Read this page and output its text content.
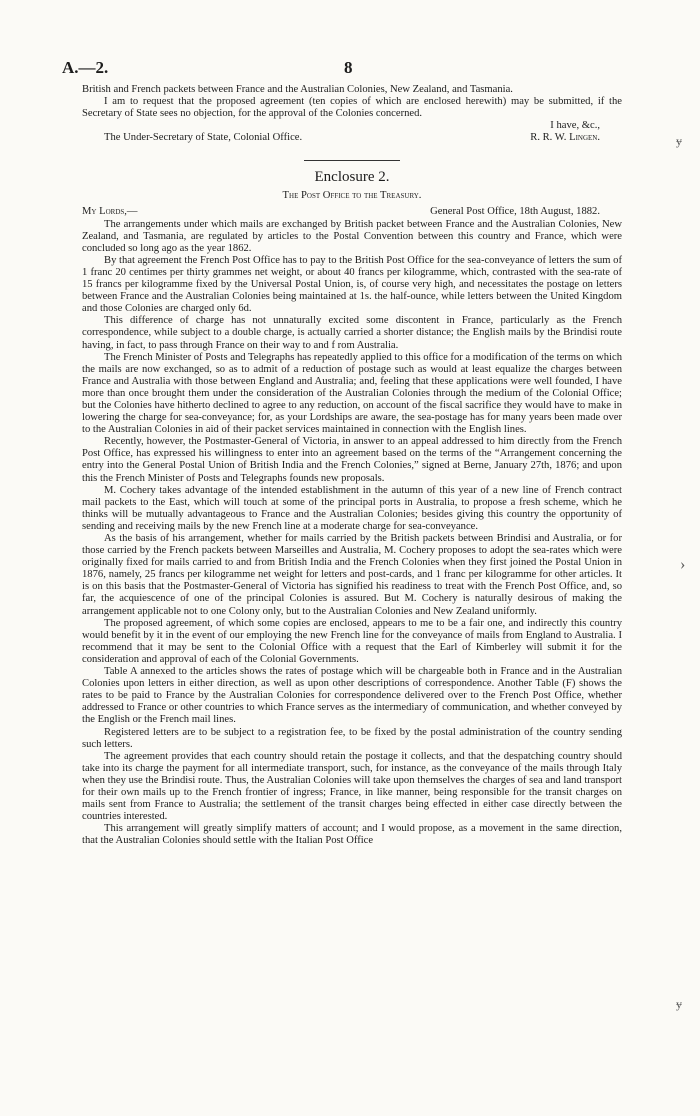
ɏ
›
ɏ
A.—2.	8

British and French packets between France and the Australian Colonies, New Zealand, and Tasmania.

I am to request that the proposed agreement (ten copies of which are enclosed herewith) may be submitted, if the Secretary of State sees no objection, for the approval of the Colonies concerned.

I have, &c.,

The Under-Secretary of State, Colonial Office.	R. R. W. Lingen.
Enclosure 2.
The Post Office to the Treasury.
My Lords,—	General Post Office, 18th August, 1882.

The arrangements under which mails are exchanged by British packet between France and the Australian Colonies, New Zealand, and Tasmania, are regulated by articles to the Postal Convention between this country and France, which were concluded so long ago as the year 1862.

By that agreement the French Post Office has to pay to the British Post Office for the sea-conveyance of letters the sum of 1 franc 20 centimes per thirty grammes net weight, or about 40 francs per kilogramme, which, contrasted with the sea-rate of 15 francs per kilogramme fixed by the Universal Postal Union, is, of course very high, and necessitates the postage on letters between France and the Australian Colonies being maintained at 1s. the half-ounce, while letters between the United Kingdom and those Colonies are charged only 6d.

This difference of charge has not unnaturally excited some discontent in France, particularly as the French correspondence, while subject to a double charge, is actually carried a shorter distance; the English mails by the Brindisi route having, in fact, to pass through France on their way to and f rom Australia.

The French Minister of Posts and Telegraphs has repeatedly applied to this office for a modification of the terms on which the mails are now exchanged, so as to admit of a reduction of postage such as would at least equalize the charges between France and Australia with those between England and Australia; and, feeling that these applications were well founded, I have more than once brought them under the consideration of the Australian Colonies through the medium of the Colonial Office; but the Colonies have hitherto declined to agree to any reduction, on account of the fiscal sacrifice they would have to make in lowering the charge for sea-conveyance; for, as your Lordships are aware, the sea-postage has for many years been made over to the Australian Colonies in aid of their packet services maintained in connection with the English lines.

Recently, however, the Postmaster-General of Victoria, in answer to an appeal addressed to him directly from the French Post Office, has expressed his willingness to enter into an agreement based on the terms of the “Arrangement concerning the entry into the General Postal Union of British India and the French Colonies,” signed at Berne, January 27th, 1876; and upon this the French Minister of Posts and Telegraphs founds new proposals.

M. Cochery takes advantage of the intended establishment in the autumn of this year of a new line of French contract mail packets to the East, which will touch at some of the principal ports in Australia, to propose a fresh scheme, which he thinks will be mutually advantageous to France and the Australian Colonies; besides giving this country the opportunity of sending and receiving mails by the new French line at a moderate charge for sea-conveyance.

As the basis of his arrangement, whether for mails carried by the British packets between Brindisi and Australia, or for those carried by the French packets between Marseilles and Australia, M. Cochery proposes to adopt the sea-rates which were originally fixed for mails carried to and from British India and the French Colonies when they first joined the Postal Union in 1876, namely, 25 francs per kilogramme net weight for letters and post-cards, and 1 franc per kilogramme for other articles. It is on this basis that the Postmaster-General of Victoria has signified his readiness to treat with the French Post Office, and, so far, the acquiescence of one of the principal Colonies is assured. But M. Cochery is naturally desirous of making the arrangement applicable not to one Colony only, but to the Australian Colonies and New Zealand uniformly.

The proposed agreement, of which some copies are enclosed, appears to me to be a fair one, and indirectly this country would benefit by it in the event of our employing the new French line for the conveyance of mails from England to Australia. I recommend that it may be sent to the Colonial Office with a request that the Earl of Kimberley will submit it for the consideration and approval of each of the Colonial Governments.

Table A annexed to the articles shows the rates of postage which will be chargeable both in France and in the Australian Colonies upon letters in either direction, as well as upon other descriptions of correspondence. Another Table (F) shows the rates to be paid to France by the Australian Colonies for correspondence delivered over to the French Post Office, whether addressed to France or other countries to which France serves as the intermediary of communication, and whether conveyed by the English or the French mail lines.

Registered letters are to be subject to a registration fee, to be fixed by the postal administration of the country sending such letters.

The agreement provides that each country should retain the postage it collects, and that the despatching country should take into its charge the payment for all intermediate transport, such, for instance, as the conveyance of the mails through Italy when they use the Brindisi route. Thus, the Australian Colonies will take upon themselves the charges of sea and land transport for their own mails up to the French frontier of ingress; France, in like manner, being responsible for the transit charges on mails sent from France to Australia; the settlement of the transit charges being effected in either case directly between the countries interested.

This arrangement will greatly simplify matters of account; and I would propose, as a movement in the same direction, that the Australian Colonies should settle with the Italian Post Office
